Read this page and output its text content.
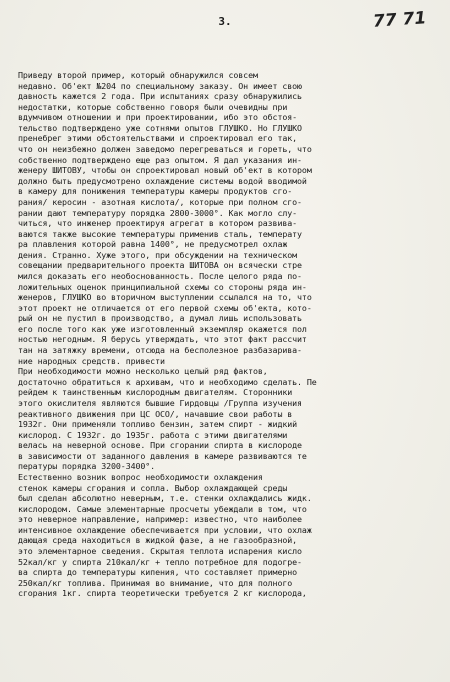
3.	77 71
Приведу второй пример, который обнаружился совсем
недавно. Об'ект №204 по специальному заказу. Он имеет свою
давность кажется 2 года. При испытаниях сразу обнаружились
недостатки, которые собственно говоря были очевидны при
вдумчивом отношении и при проектировании, ибо это обстоя-
тельство подтверждено уже сотнями опытов ГЛУШКО. Но ГЛУШКО
пренебрег этими обстоятельствами и спроектировал его так,
что он неизбежно должен заведомо перегреваться и гореть, что
собственно подтверждено еще раз опытом. Я дал указания ин-
женеру ШИТОВУ, чтобы он спроектировал новый об'ект в котором
должно быть предусмотрено охлаждение системы водой вводимой
в камеру для понижения температуры камеры продуктов сго-
рания/ керосин - азотная кислота/, которые при полном сго-
рании дают температуру порядка 2800-3000°. Как могло слу-
читься, что инженер проектируя агрегат в котором развива-
ваются также высокие температуры применив сталь, температу
ра плавления которой равна 1400°, не предусмотрел охлаж
дения. Странно. Хуже этого, при обсуждении на техническом
совещании предварительного проекта ШИТОВА он всячески стре
мился доказать его необоснованность. После целого ряда по-
ложительных оценок принципиальной схемы со стороны ряда ин-
женеров, ГЛУШКО во вторичном выступлении ссылался на то, что
этот проект не отличается от его первой схемы об'екта, кото-
рый он не пустил в производство, а думал лишь использовать
его после того как уже изготовленный экземпляр окажется пол
ностью негодным. Я берусь утверждать, что этот факт рассчит
тан на затяжку времени, отсюда на бесполезное разбазарива-
ние народных средств. привести
При необходимости можно несколько целый ряд фактов,
достаточно обратиться к архивам, что и необходимо сделать. Пе
рейдем к таинственным кислородным двигателям. Сторонники
этого окислителя являются бывшие Гирдовцы /Группа изучения
реактивного движения при ЦС ОСО/, начавшие свои работы в
1932г. Они применяли топливо бензин, затем спирт - жидкий
кислород. С 1932г. до 1935г. работа с этими двигателями
велась на неверной основе. При сгорании спирта в кислороде
в зависимости от заданного давления в камере развиваются те
пературы порядка 3200-3400°.
Естественно возник вопрос необходимости охлаждения
стенок камеры сгорания и сопла. Выбор охлаждающей среды
был сделан абсолютно неверным, т.е. стенки охлаждались жидк.
кислородом. Самые элементарные просчеты убеждали в том, что
это неверное направление, например: известно, что наиболее
интенсивное охлаждение обеспечивается при условии, что охлаж
дающая среда находиться в жидкой фазе, а не газообразной,
это элементарное сведения. Скрытая теплота испарения кисло
52кал/кг у спирта 210кал/кг + тепло потребное для подогре-
ва спирта до температуры кипения, что составляет примерно
250кал/кг топлива. Принимая во внимание, что для полного
сгорания 1кг. спирта теоретически требуется 2 кг кислорода,
